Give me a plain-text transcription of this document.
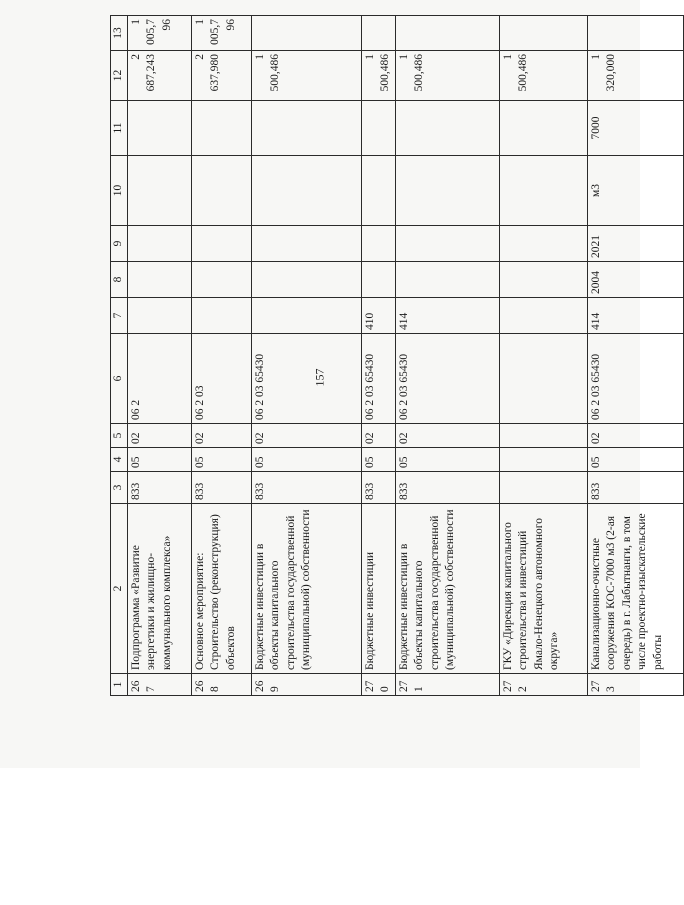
157
1	2	3	4	5	6	7	8	9	10	11	12	13
267	Подпрограмма «Развитие энергетики и жилищно-коммунального комплекса»	833	05	02	06 2						2 687,243	1 005,796
268	Основное мероприятие: Строительство (реконструкция) объектов	833	05	02	06 2 03						2 637,980	1 005,796
269	Бюджетные инвестиции в объекты капитального строительства государственной (муниципальной) собственности	833	05	02	06 2 03 65430						1 500,486	
270	Бюджетные инвестиции	833	05	02	06 2 03 65430	410					1 500,486	
271	Бюджетные инвестиции в объекты капитального строительства государственной (муниципальной) собственности	833	05	02	06 2 03 65430	414					1 500,486	
272	ГКУ «Дирекция капитального строительства и инвестиций Ямало-Ненецкого автономного округа»										1 500,486	
273	Канализационно-очистные сооружения КОС-7000 м3 (2-ая очередь) в г. Лабытнанги, в том числе проектно-изыскательские работы	833	05	02	06 2 03 65430	414	2004	2021	м3	7000	1 320,000	
